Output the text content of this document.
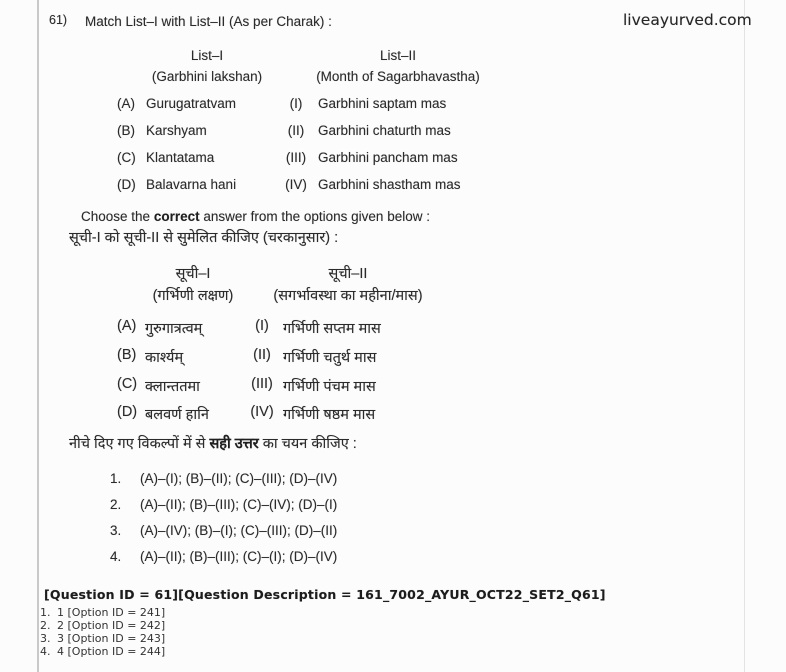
61) Match List–I with List–II (As per Charak) :	liveayurved.com
List–I	List–II
(Garbhini lakshan)	(Month of Sagarbhavastha)
(A) Gurugatratvam	(I)	Garbhini saptam mas
(B) Karshyam	(II)	Garbhini chaturth mas
(C) Klantatama	(III) Garbhini pancham mas
(D) Balavarna hani	(IV) Garbhini shastham mas
Choose the correct answer from the options given below :
सूची-I को सूची-II से सुमेलित कीजिए (चरकानुसार) :
सूची–I	सूची–II
(गर्भिणी लक्षण)	(सगर्भावस्था का महीना/मास)
(A) गुरुगात्रत्वम्	(I) गर्भिणी सप्तम मास
(B) कार्श्यम्	(II) गर्भिणी चतुर्थ मास
(C) क्लान्ततमा	(III) गर्भिणी पंचम मास
(D) बलवर्ण हानि	(IV) गर्भिणी षष्ठम मास
नीचे दिए गए विकल्पों में से सही उत्तर का चयन कीजिए :
1. (A)–(I); (B)–(II); (C)–(III); (D)–(IV)
2. (A)–(II); (B)–(III); (C)–(IV); (D)–(I)
3. (A)–(IV); (B)–(I); (C)–(III); (D)–(II)
4. (A)–(II); (B)–(III); (C)–(I); (D)–(IV)
[Question ID = 61][Question Description = 161_7002_AYUR_OCT22_SET2_Q61]
1. 1 [Option ID = 241]
2. 2 [Option ID = 242]
3. 3 [Option ID = 243]
4. 4 [Option ID = 244]
